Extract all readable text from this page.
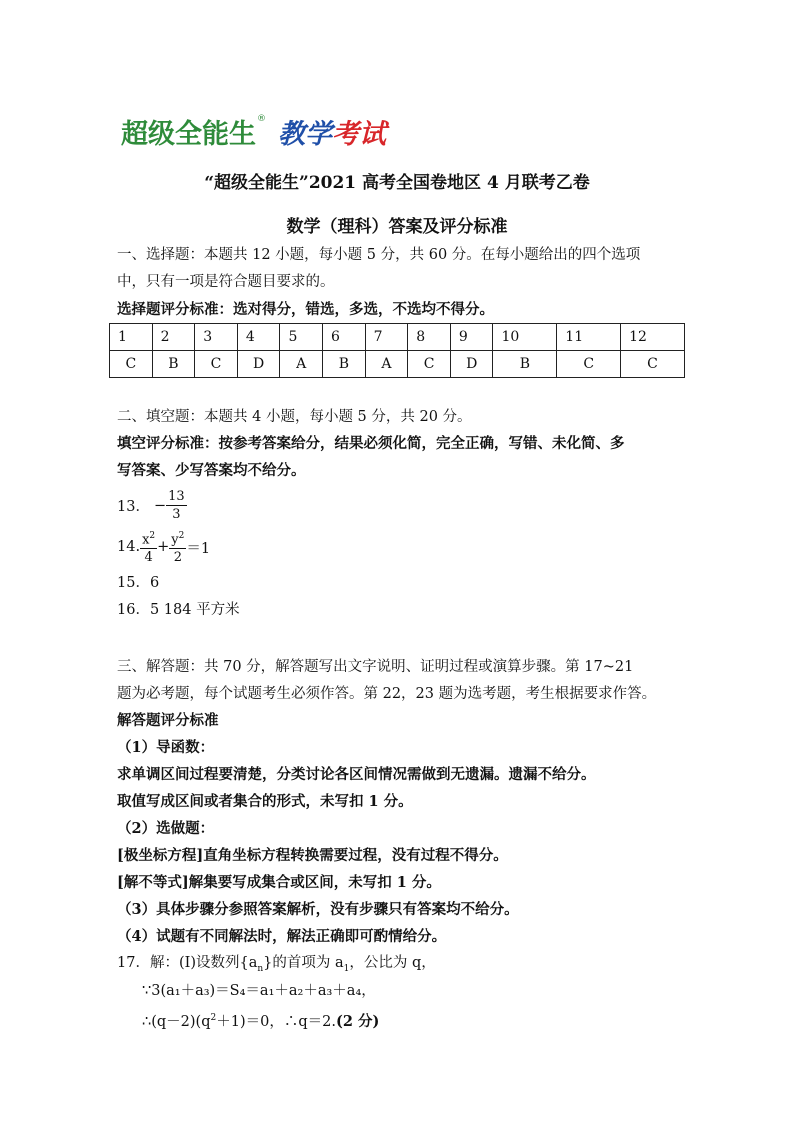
超级全能生 ® 教学考试
“超级全能生”2021 高考全国卷地区 4 月联考乙卷
数学（理科）答案及评分标准
一、选择题：本题共 12 小题，每小题 5 分，共 60 分。在每小题给出的四个选项
中，只有一项是符合题目要求的。
选择题评分标准：选对得分，错选，多选，不选均不得分。
1	2	3	4	5	6	7	8	9	10	11	12
C	B	C	D	A	B	A	C	D	B	C	C
二、填空题：本题共 4 小题，每小题 5 分，共 20 分。
填空评分标准：按参考答案给分，结果必须化简，完全正确，写错、未化简、多
写答案、少写答案均不给分。
13． − $\frac{13}{3}$
14. $\frac{x^2}{4} + \frac{y^2}{2} =1$
15．6
16．5 184 平方米
三、解答题：共 70 分，解答题写出文字说明、证明过程或演算步骤。第 17~21
题为必考题，每个试题考生必须作答。第 22，23 题为选考题，考生根据要求作答。
解答题评分标准
（1）导函数：
求单调区间过程要清楚，分类讨论各区间情况需做到无遗漏。遗漏不给分。
取值写成区间或者集合的形式，未写扣 1 分。
（2）选做题：
[极坐标方程]直角坐标方程转换需要过程，没有过程不得分。
[解不等式]解集要写成集合或区间，未写扣 1 分。
（3）具体步骤分参照答案解析，没有步骤只有答案均不给分。
（4）试题有不同解法时，解法正确即可酌情给分。
17．解：(Ⅰ)设数列$\{a_n\}$的首项为 $a_1$，公比为 q，
∵3(a₁＋a₃)＝S₄＝a₁＋a₂＋a₃＋a₄，
$\therefore(q-2)(q^2+1)=0$，∴q＝2.(2 分)
